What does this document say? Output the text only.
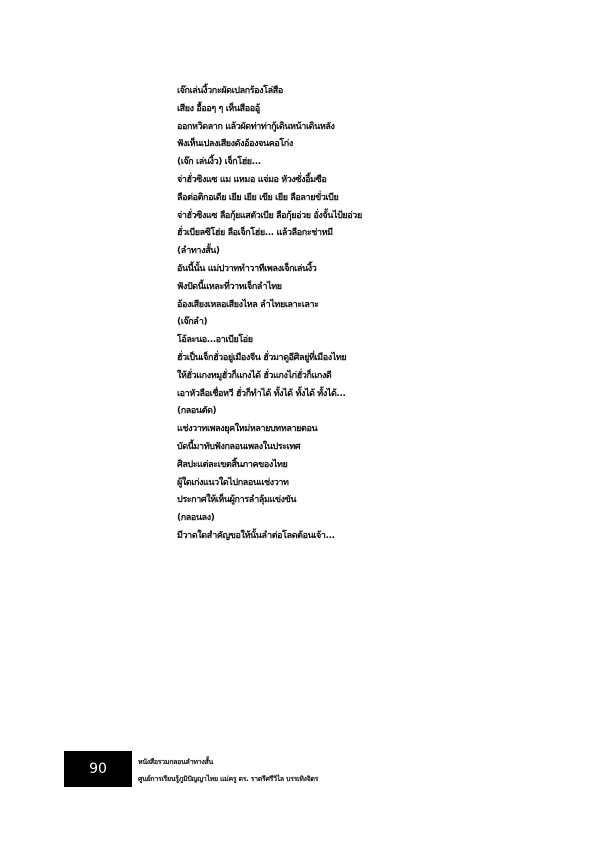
เจ๊กเล่นงิ้วกะผัดเปลกร้องโล่สือ
เสียง อื้ออๆ ๆ เห็นสือออู้
ออกหวิดลาก แล้วผัดท่าท่ากู้เดินหน้าเดินหลัง
ฟังเห็นเปลงเสียงดังอ้องจนคอโก่ง
(เจ๊ก เล่นงิ้ว) เจ็กโฮ่ย...
จ่าฮั่วซิงแซ แม แหมอ แจ่มอ หัวงซั่งอิ้มซือ
ลือต่อติกอเดีย เยีย เยีย เขีย เยีย ลือลายขั่วเบีย
จ่าฮั่วซิงแซ ลือกุ้ยแสตัวเบีย ลือกุ้ยอ่วย อั่งจั้นไป้ยอ่วย
ฮั่วเบียลซิโฮ่ย ลือเจ็กโฮ่ย... แล้วลือกะช่าหมี
(ลำทางสั้น)
อันนี้นั้น แม่ปวาททำวาทีเพลงเจ็กเล่นงิ้ว
ฟังปัดนี้แหละที่วาทเจ็กลำไทย
อ้องเสียงเหลอเสียงไหล ลำไทยเลาะเลาะ
(เจ๊กลำ)
โอ้ละนอ...อาเบียโอ่ย
ฮั่วเป็นเจ็กฮั่วอยู่เมืองจีน ฮั่วมาดูอีศิลยู่ที่เมืองไทย
ให้ฮั่วแกงหมูฮั่วก็แกงได้ ฮั่วแกงไก่ฮั่วก็แกงดี
เอาหัวลือเชื่อหวี ฮั่วก็ทำได้ ทั้งได้ ทั้งได้ ทั้งได้...
(กลอนตัด)
แช่งวาทเพลงยุคใหม่หลายบทหลายตอน
บัดนี้มาทับฟังกลอนเพลงในประเทศ
ศิลปะแต่ละเขตสิ้นภาคของไทย
ผู้ใดเก่งแนวใดไปกลอนแช่งวาท
ประกาศให้เห็นผู้การลำลุ้มแข่งขัน
(กลอนลง)
มีวาดใดสำคัญขอให้นั้นลำต่อโลดต้อนเจ้า...
90	หนังสือรวมกลอนลำทางสั้น
ศูนย์การเรียนรู้ภูมิปัญญาไทย แม่ครู ดร. ราตรีศรีวิไล บรรเทิงจิตร
